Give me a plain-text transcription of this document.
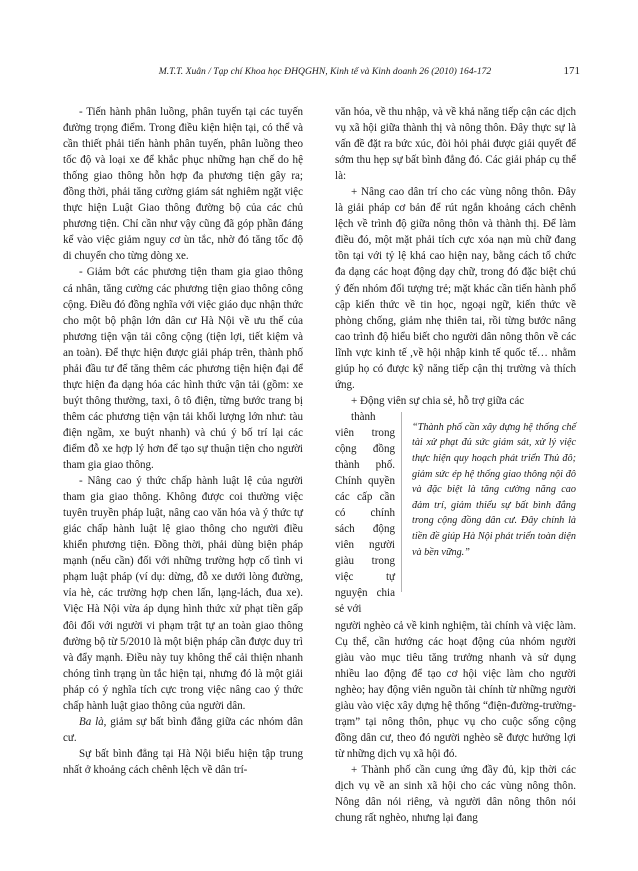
M.T.T. Xuân / Tạp chí Khoa học ĐHQGHN, Kinh tế và Kinh doanh 26 (2010) 164-172	171

- Tiến hành phân luồng, phân tuyến tại các tuyến đường trọng điểm. Trong điều kiện hiện tại, có thể và cần thiết phải tiến hành phân tuyến, phân luồng theo tốc độ và loại xe để khắc phục những hạn chế do hệ thống giao thông hỗn hợp đa phương tiện gây ra; đồng thời, phải tăng cường giám sát nghiêm ngặt việc thực hiện Luật Giao thông đường bộ của các chủ phương tiện. Chỉ cần như vậy cũng đã góp phần đáng kể vào việc giảm nguy cơ ùn tắc, nhờ đó tăng tốc độ di chuyển cho từng dòng xe.

- Giảm bớt các phương tiện tham gia giao thông cá nhân, tăng cường các phương tiện giao thông công cộng. Điều đó đồng nghĩa với việc giáo dục nhận thức cho một bộ phận lớn dân cư Hà Nội về ưu thế của phương tiện vận tải công cộng (tiện lợi, tiết kiệm và an toàn). Để thực hiện được giải pháp trên, thành phố phải đầu tư để tăng thêm các phương tiện hiện đại để thực hiện đa dạng hóa các hình thức vận tải (gồm: xe buýt thông thường, taxi, ô tô điện, từng bước trang bị thêm các phương tiện vận tải khối lượng lớn như: tàu điện ngầm, xe buýt nhanh) và chú ý bố trí lại các điểm đỗ xe hợp lý hơn để tạo sự thuận tiện cho người tham gia giao thông.

- Nâng cao ý thức chấp hành luật lệ của người tham gia giao thông. Không được coi thường việc tuyên truyền pháp luật, nâng cao văn hóa và ý thức tự giác chấp hành luật lệ giao thông cho người điều khiển phương tiện. Đồng thời, phải dùng biện pháp mạnh (nếu cần) đối với những trường hợp cố tình vi phạm luật pháp (ví dụ: dừng, đỗ xe dưới lòng đường, vỉa hè, các trường hợp chen lấn, lạng-lách, đua xe). Việc Hà Nội vừa áp dụng hình thức xử phạt tiền gấp đôi đối với người vi phạm trật tự an toàn giao thông đường bộ từ 5/2010 là một biện pháp cần được duy trì và đẩy mạnh. Điều này tuy không thể cải thiện nhanh chóng tình trạng ùn tắc hiện tại, nhưng đó là một giải pháp có ý nghĩa tích cực trong việc nâng cao ý thức chấp hành luật giao thông của người dân.

Ba là, giảm sự bất bình đẳng giữa các nhóm dân cư.

Sự bất bình đẳng tại Hà Nội biểu hiện tập trung nhất ở khoảng cách chênh lệch về dân trí-

văn hóa, về thu nhập, và về khả năng tiếp cận các dịch vụ xã hội giữa thành thị và nông thôn. Đây thực sự là vấn đề đặt ra bức xúc, đòi hỏi phải được giải quyết để sớm thu hẹp sự bất bình đẳng đó. Các giải pháp cụ thể là:

+ Nâng cao dân trí cho các vùng nông thôn. Đây là giải pháp cơ bản để rút ngắn khoảng cách chênh lệch về trình độ giữa nông thôn và thành thị. Để làm điều đó, một mặt phải tích cực xóa nạn mù chữ đang tồn tại với tỷ lệ khá cao hiện nay, bằng cách tổ chức đa dạng các hoạt động dạy chữ, trong đó đặc biệt chú ý đến nhóm đối tượng trẻ; mặt khác cần tiến hành phổ cập kiến thức về tin học, ngoại ngữ, kiến thức về phòng chống, giảm nhẹ thiên tai, rồi từng bước nâng cao trình độ hiểu biết cho người dân nông thôn về các lĩnh vực kinh tế ,về hội nhập kinh tế quốc tế… nhằm giúp họ có được kỹ năng tiếp cận thị trường và thích ứng.

+ Động viên sự chia sẻ, hỗ trợ giữa các

“Thành phố cần xây dựng hệ thống chế tài xử phạt đủ sức giám sát, xử lý việc thực hiện quy hoạch phát triển Thủ đô; giảm sức ép hệ thống giao thông nội đô và đặc biệt là tăng cường năng cao đảm trí, giảm thiểu sự bất bình đẳng trong cộng đồng dân cư. Đây chính là tiền đề giúp Hà Nội phát triển toàn diện và bền vững.”

thành viên trong cộng đồng thành phố. Chính quyền các cấp cần có chính sách động viên người giàu trong việc tự nguyện chia sẻ với

người nghèo cả về kinh nghiệm, tài chính và việc làm. Cụ thể, cần hướng các hoạt động của nhóm người giàu vào mục tiêu tăng trưởng nhanh và sử dụng nhiều lao động để tạo cơ hội việc làm cho người nghèo; hay động viên nguồn tài chính từ những người giàu vào việc xây dựng hệ thống “điện-đường-trường-trạm” tại nông thôn, phục vụ cho cuộc sống cộng đồng dân cư, theo đó người nghèo sẽ được hưởng lợi từ những dịch vụ xã hội đó.

+ Thành phố cần cung ứng đầy đủ, kịp thời các dịch vụ về an sinh xã hội cho các vùng nông thôn. Nông dân nói riêng, và người dân nông thôn nói chung rất nghèo, nhưng lại đang
